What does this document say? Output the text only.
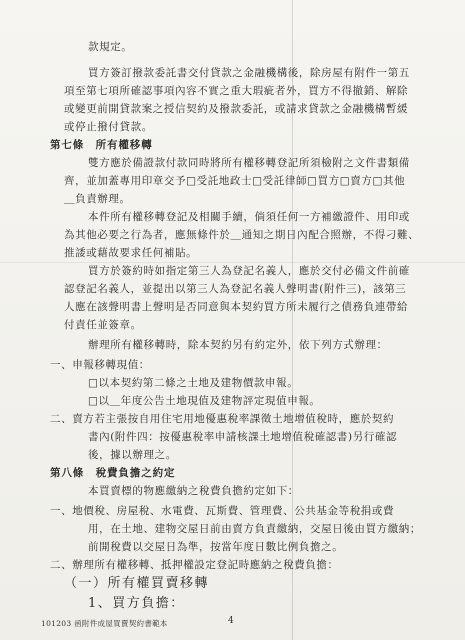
款規定。
買方簽訂撥款委託書交付貸款之金融機構後，除房屋有附件一第五
項至第七項所確認事項內容不實之重大瑕疵者外，買方不得撤銷、解除
或變更前開貸款案之授信契約及撥款委託，或請求貸款之金融機構暫緩
或停止撥付貸款。
第七條　所有權移轉
雙方應於備證款付款同時將所有權移轉登記所須檢附之文件書類備
齊，並加蓋專用印章交予□受託地政士□受託律師□買方□賣方□其他
＿負責辦理。
本件所有權移轉登記及相關手續，倘須任何一方補繳證件、用印或
為其他必要之行為者，應無條件於＿通知之期日內配合照辦，不得刁難、
推諉或藉故要求任何補貼。
買方於簽約時如指定第三人為登記名義人，應於交付必備文件前確
認登記名義人，並提出以第三人為登記名義人聲明書(附件三)，該第三
人應在該聲明書上聲明是否同意與本契約買方所未履行之債務負連帶給
付責任並簽章。
辦理所有權移轉時，除本契約另有約定外，依下列方式辦理：
一、申報移轉現值：
□以本契約第二條之土地及建物價款申報。
□以＿年度公告土地現值及建物評定現值申報。
二、賣方若主張按自用住宅用地優惠稅率課徵土地增值稅時，應於契約
書內(附件四：按優惠稅率申請核課土地增值稅確認書)另行確認
後，據以辦理之。
第八條　稅費負擔之約定
本買賣標的物應繳納之稅費負擔約定如下：
一、地價稅、房屋稅、水電費、瓦斯費、管理費、公共基金等稅捐或費
用，在土地、建物交屋日前由賣方負責繳納，交屋日後由買方繳納；
前開稅費以交屋日為準，按當年度日數比例負擔之。
二、辦理所有權移轉、抵押權設定登記時應納之稅費負擔：
（一）所有權買賣移轉
1、買方負擔：
101203 函附件成屋買賣契約書範本	4
